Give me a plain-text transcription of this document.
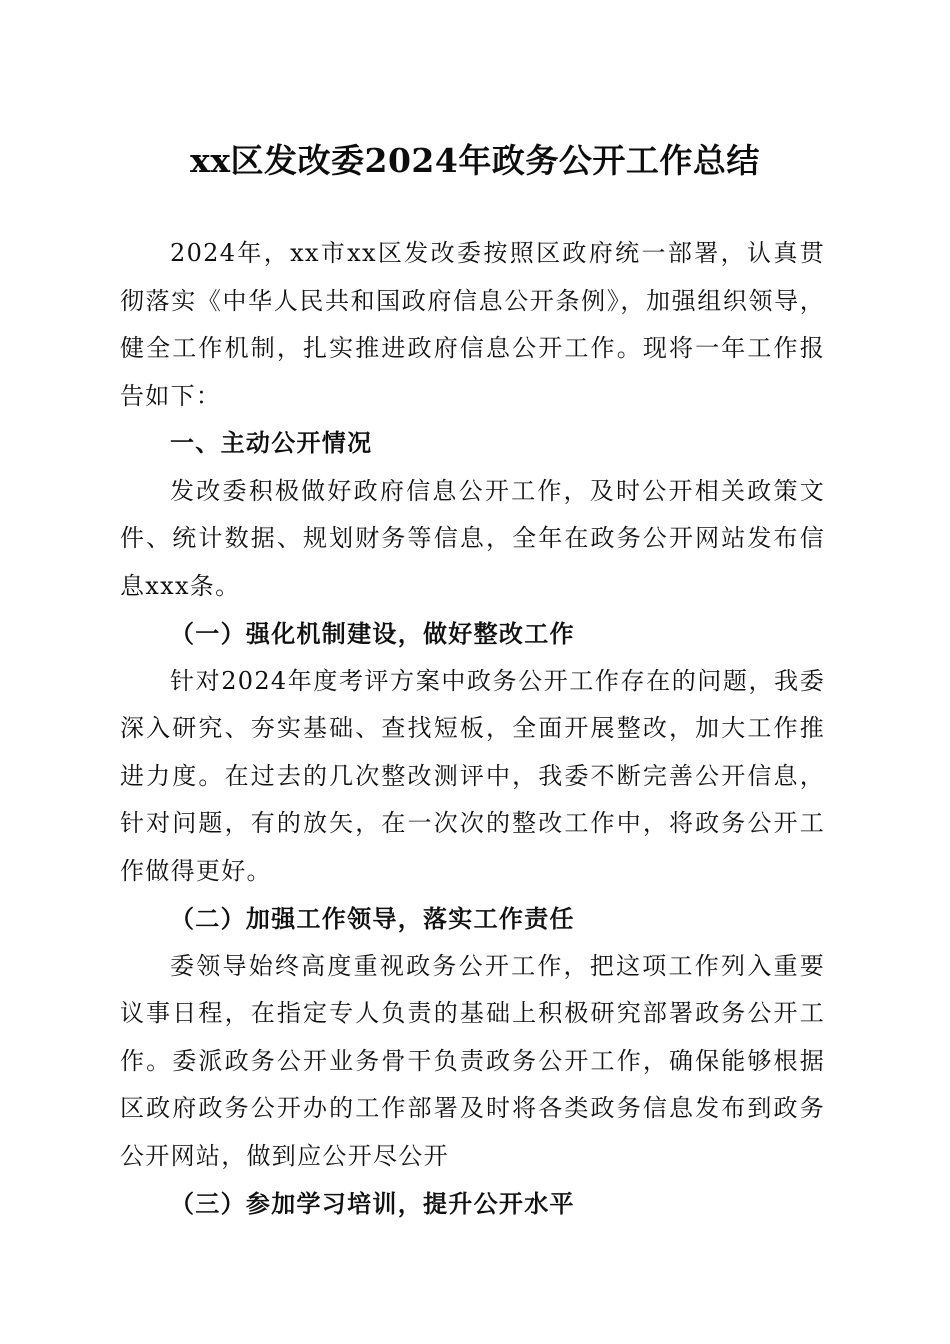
xx区发改委2024年政务公开工作总结

2024年，xx市xx区发改委按照区政府统一部署，认真贯彻落实《中华人民共和国政府信息公开条例》，加强组织领导，健全工作机制，扎实推进政府信息公开工作。现将一年工作报告如下：

一、主动公开情况

发改委积极做好政府信息公开工作，及时公开相关政策文件、统计数据、规划财务等信息，全年在政务公开网站发布信息xxx条。

（一）强化机制建设，做好整改工作

针对2024年度考评方案中政务公开工作存在的问题，我委深入研究、夯实基础、查找短板，全面开展整改，加大工作推进力度。在过去的几次整改测评中，我委不断完善公开信息，针对问题，有的放矢，在一次次的整改工作中，将政务公开工作做得更好。

（二）加强工作领导，落实工作责任

委领导始终高度重视政务公开工作，把这项工作列入重要议事日程，在指定专人负责的基础上积极研究部署政务公开工作。委派政务公开业务骨干负责政务公开工作，确保能够根据区政府政务公开办的工作部署及时将各类政务信息发布到政务公开网站，做到应公开尽公开

（三）参加学习培训，提升公开水平
